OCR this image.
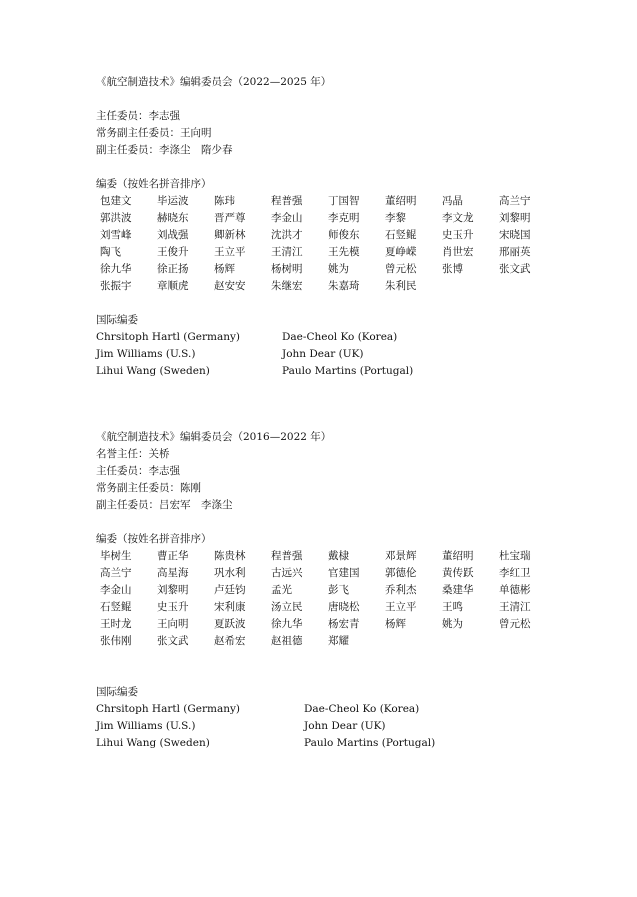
《航空制造技术》编辑委员会（2022—2025 年）
主任委员：李志强
常务副主任委员：王向明
副主任委员：李涤尘　隋少春
编委（按姓名拼音排序）
包建文	毕运波	陈玮	程普强	丁国智	董绍明	冯晶	高兰宁
郭洪波	赫晓东	晋严尊	李金山	李克明	李黎	李文龙	刘黎明
刘雪峰	刘战强	卿新林	沈洪才	师俊东	石竖鲲	史玉升	宋晓国
陶飞	王俊升	王立平	王清江	王先模	夏峥嵘	肖世宏	邢丽英
徐九华	徐正扬	杨辉	杨树明	姚为	曾元松	张博	张文武
张振宇	章顺虎	赵安安	朱继宏	朱嘉琦	朱利民
国际编委
Chrsitoph Hartl (Germany)	Dae-Cheol Ko (Korea)
Jim Williams (U.S.)	John Dear (UK)
Lihui Wang (Sweden)	Paulo Martins (Portugal)
《航空制造技术》编辑委员会（2016—2022 年）
名誉主任：关桥
主任委员：李志强
常务副主任委员：陈刚
副主任委员：吕宏军　李涤尘
编委（按姓名拼音排序）
毕树生	曹正华	陈贵林	程普强	戴棣	邓景辉	董绍明	杜宝瑞
高兰宁	高星海	巩水利	古远兴	官建国	郭德伦	黄传跃	李红卫
李金山	刘黎明	卢廷钧	孟光	彭飞	乔利杰	桑建华	单德彬
石竖鲲	史玉升	宋利康	汤立民	唐晓松	王立平	王鸣	王清江
王时龙	王向明	夏跃波	徐九华	杨宏青	杨辉	姚为	曾元松
张伟刚	张文武	赵希宏	赵祖德	郑耀
国际编委
Chrsitoph Hartl (Germany)	Dae-Cheol Ko (Korea)
Jim Williams (U.S.)	John Dear (UK)
Lihui Wang (Sweden)	Paulo Martins (Portugal)
